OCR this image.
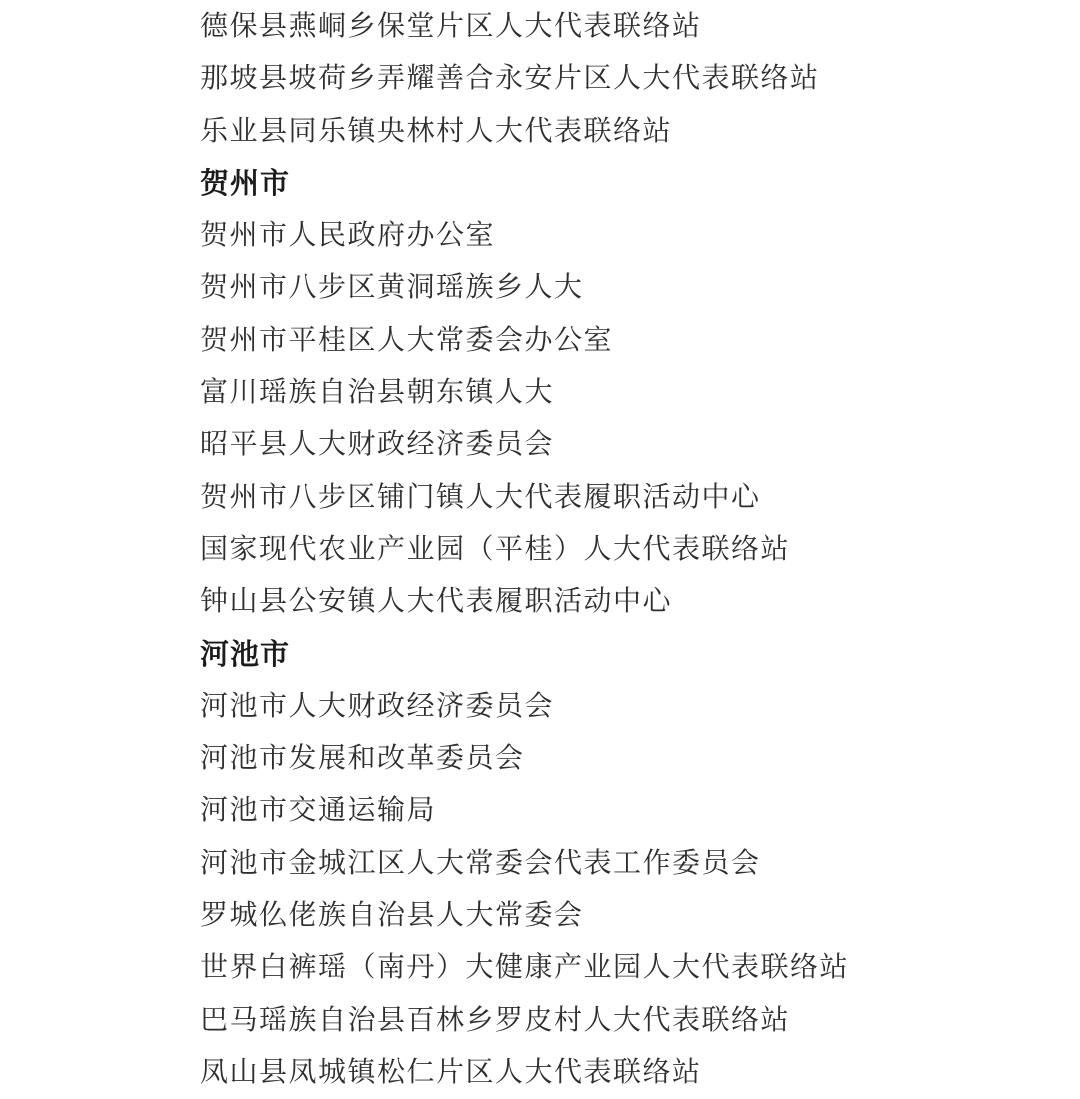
德保县燕峒乡保堂片区人大代表联络站
那坡县坡荷乡弄耀善合永安片区人大代表联络站
乐业县同乐镇央林村人大代表联络站
贺州市
贺州市人民政府办公室
贺州市八步区黄洞瑶族乡人大
贺州市平桂区人大常委会办公室
富川瑶族自治县朝东镇人大
昭平县人大财政经济委员会
贺州市八步区铺门镇人大代表履职活动中心
国家现代农业产业园（平桂）人大代表联络站
钟山县公安镇人大代表履职活动中心
河池市
河池市人大财政经济委员会
河池市发展和改革委员会
河池市交通运输局
河池市金城江区人大常委会代表工作委员会
罗城仫佬族自治县人大常委会
世界白裤瑶（南丹）大健康产业园人大代表联络站
巴马瑶族自治县百林乡罗皮村人大代表联络站
凤山县凤城镇松仁片区人大代表联络站
